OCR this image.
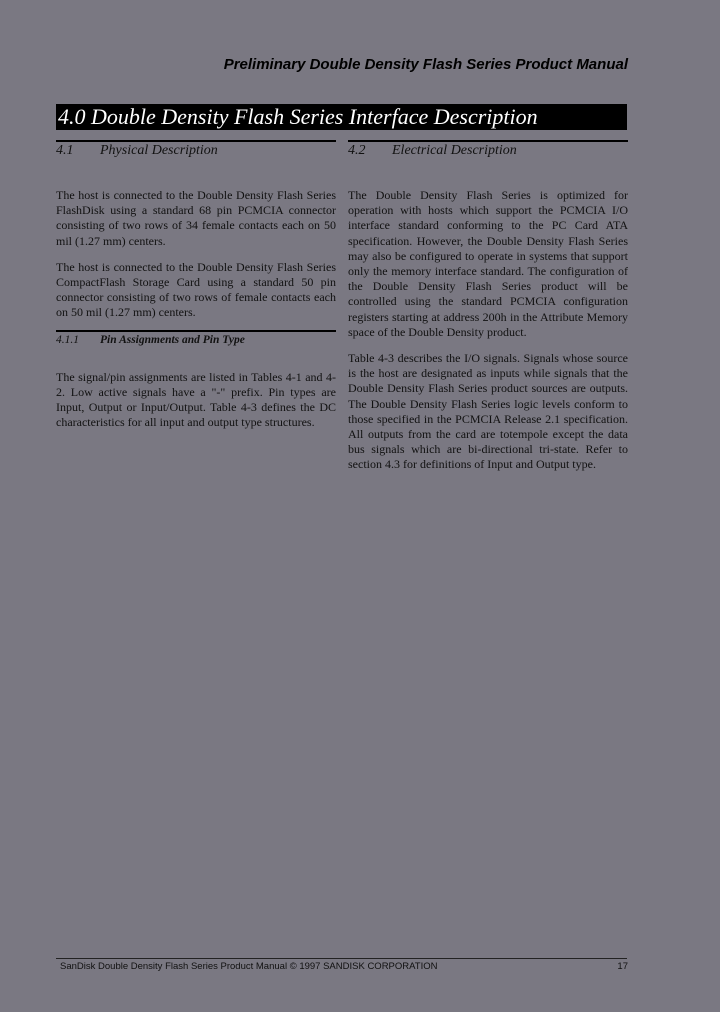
Preliminary Double Density Flash Series Product Manual
4.0 Double Density Flash Series Interface Description
4.1 Physical Description

The host is connected to the Double Density Flash Series FlashDisk using a standard 68 pin PCMCIA connector consisting of two rows of 34 female contacts each on 50 mil (1.27 mm) centers.

The host is connected to the Double Density Flash Series CompactFlash Storage Card using a standard 50 pin connector consisting of two rows of female contacts each on 50 mil (1.27 mm) centers.

4.1.1 Pin Assignments and Pin Type

The signal/pin assignments are listed in Tables 4-1 and 4-2. Low active signals have a "-" prefix. Pin types are Input, Output or Input/Output. Table 4-3 defines the DC characteristics for all input and output type structures.

4.2 Electrical Description

The Double Density Flash Series is optimized for operation with hosts which support the PCMCIA I/O interface standard conforming to the PC Card ATA specification. However, the Double Density Flash Series may also be configured to operate in systems that support only the memory interface standard. The configuration of the Double Density Flash Series product will be controlled using the standard PCMCIA configuration registers starting at address 200h in the Attribute Memory space of the Double Density product.

Table 4-3 describes the I/O signals. Signals whose source is the host are designated as inputs while signals that the Double Density Flash Series product sources are outputs. The Double Density Flash Series logic levels conform to those specified in the PCMCIA Release 2.1 specification. All outputs from the card are totempole except the data bus signals which are bi-directional tri-state. Refer to section 4.3 for definitions of Input and Output type.

SanDisk Double Density Flash Series Product Manual © 1997 SANDISK CORPORATION	17
